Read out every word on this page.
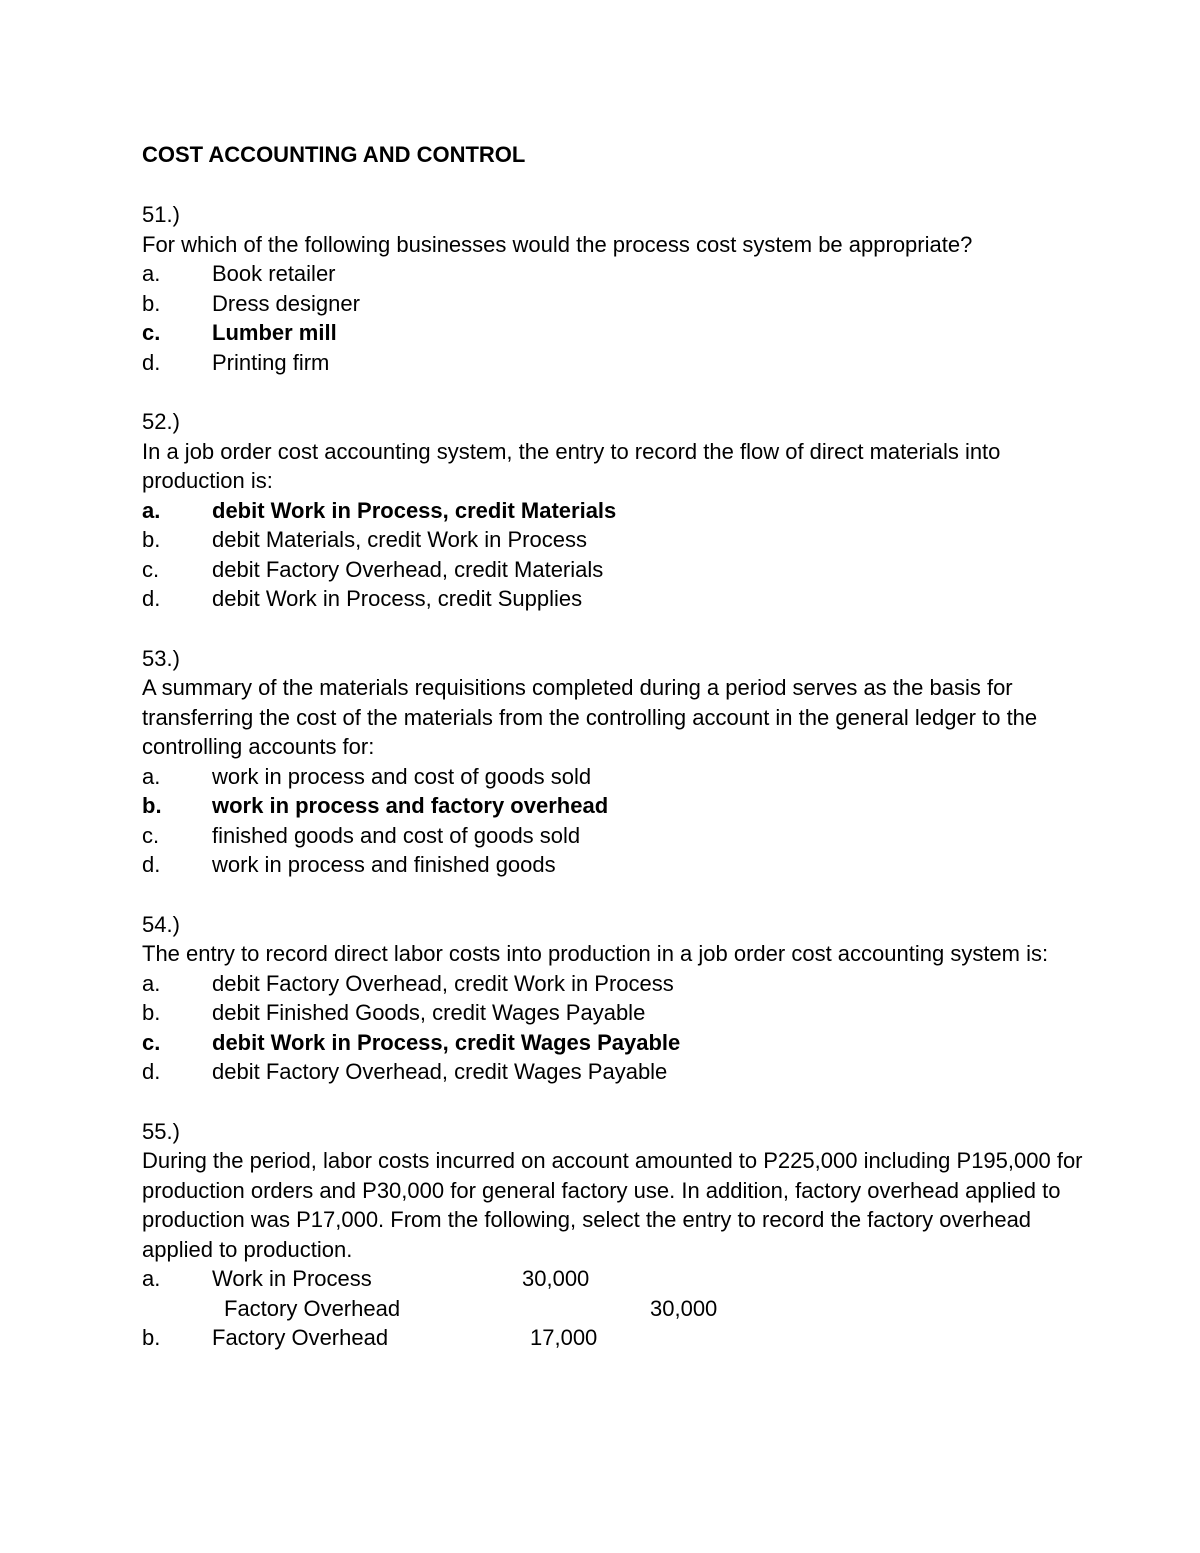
COST ACCOUNTING AND CONTROL
51.)
For which of the following businesses would the process cost system be appropriate?
a.	Book retailer
b.	Dress designer
c.	Lumber mill
d.	Printing firm
52.)
In a job order cost accounting system, the entry to record the flow of direct materials into production is:
a.	debit Work in Process, credit Materials
b.	debit Materials, credit Work in Process
c.	debit Factory Overhead, credit Materials
d.	debit Work in Process, credit Supplies
53.)
A summary of the materials requisitions completed during a period serves as the basis for transferring the cost of the materials from the controlling account in the general ledger to the controlling accounts for:
a.	work in process and cost of goods sold
b.	work in process and factory overhead
c.	finished goods and cost of goods sold
d.	work in process and finished goods
54.)
The entry to record direct labor costs into production in a job order cost accounting system is:
a.	debit Factory Overhead, credit Work in Process
b.	debit Finished Goods, credit Wages Payable
c.	debit Work in Process, credit Wages Payable
d.	debit Factory Overhead, credit Wages Payable
55.)
During the period, labor costs incurred on account amounted to P225,000 including P195,000 for production orders and P30,000 for general factory use. In addition, factory overhead applied to production was P17,000. From the following, select the entry to record the factory overhead applied to production.
a.	Work in Process	30,000
Factory Overhead	30,000
b.	Factory Overhead	17,000
